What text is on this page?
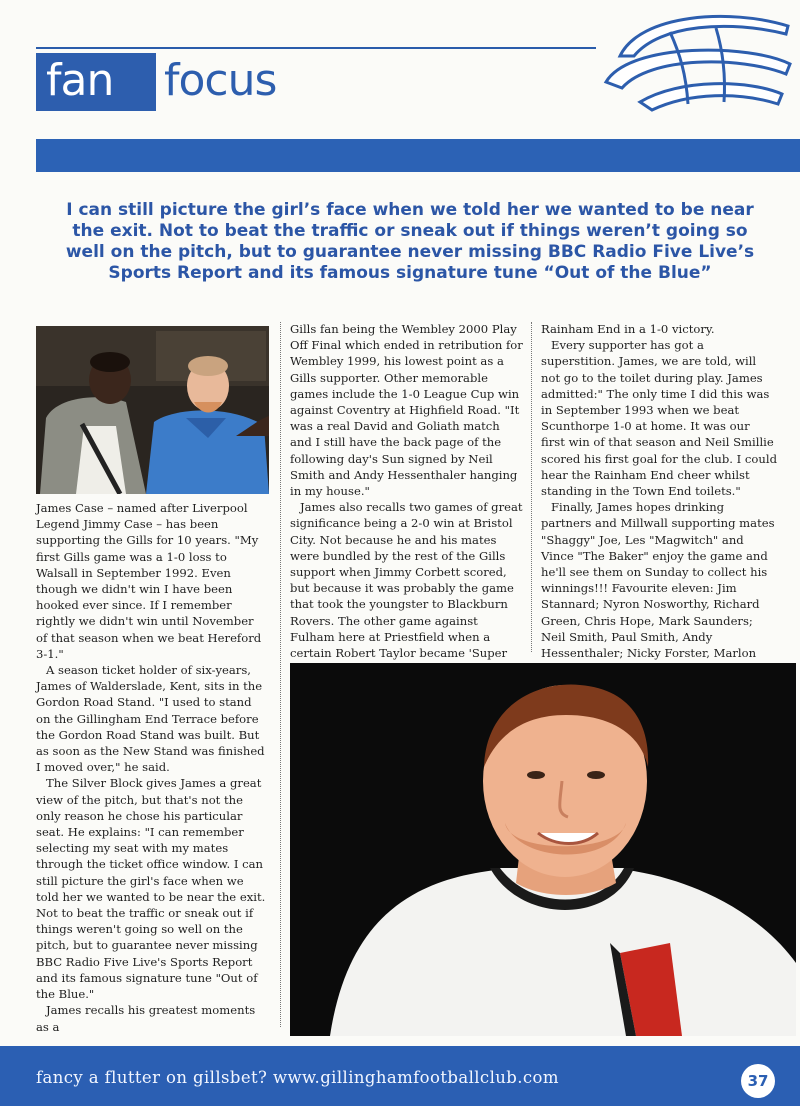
fan	focus
I can still picture the girl’s face when we told her we wanted to be near the exit. Not to beat the traffic or sneak out if things weren’t going so well on the pitch, but to guarantee never missing BBC Radio Five Live’s Sports Report and its famous signature tune “Out of the Blue”

James Case – named after Liverpool Legend Jimmy Case – has been supporting the Gills for 10 years. "My first Gills game was a 1-0 loss to Walsall in September 1992. Even though we didn't win I have been hooked ever since. If I remember rightly we didn't win until November of that season when we beat Hereford 3-1."

A season ticket holder of six-years, James of Walderslade, Kent, sits in the Gordon Road Stand. "I used to stand on the Gillingham End Terrace before the Gordon Road Stand was built. But as soon as the New Stand was finished I moved over," he said.

The Silver Block gives James a great view of the pitch, but that's not the only reason he chose his particular seat. He explains: "I can remember selecting my seat with my mates through the ticket office window. I can still picture the girl's face when we told her we wanted to be near the exit. Not to beat the traffic or sneak out if things weren't going so well on the pitch, but to guarantee never missing BBC Radio Five Live's Sports Report and its famous signature tune "Out of the Blue."

James recalls his greatest moments as a

Gills fan being the Wembley 2000 Play Off Final which ended in retribution for Wembley 1999, his lowest point as a Gills supporter. Other memorable games include the 1-0 League Cup win against Coventry at Highfield Road. "It was a real David and Goliath match and I still have the back page of the following day's Sun signed by Neil Smith and Andy Hessenthaler hanging in my house."

James also recalls two games of great significance being a 2-0 win at Bristol City. Not because he and his mates were bundled by the rest of the Gills support when Jimmy Corbett scored, but because it was probably the game that took the youngster to Blackburn Rovers. The other game against Fulham here at Priestfield when a certain Robert Taylor became 'Super

Rainham End in a 1-0 victory.

Every supporter has got a superstition. James, we are told, will not go to the toilet during play. James admitted:" The only time I did this was in September 1993 when we beat Scunthorpe 1-0 at home. It was our first win of that season and Neil Smillie scored his first goal for the club. I could hear the Rainham End cheer whilst standing in the Town End toilets."

Finally, James hopes drinking partners and Millwall supporting mates "Shaggy" Joe, Les "Magwitch" and Vince "The Baker" enjoy the game and he'll see them on Sunday to collect his winnings!!! Favourite eleven: Jim Stannard; Nyron Nosworthy, Richard Green, Chris Hope, Mark Saunders; Neil Smith, Paul Smith, Andy Hessenthaler; Nicky Forster, Marlon

fancy a flutter on gillsbet? www.gillinghamfootballclub.com	37
